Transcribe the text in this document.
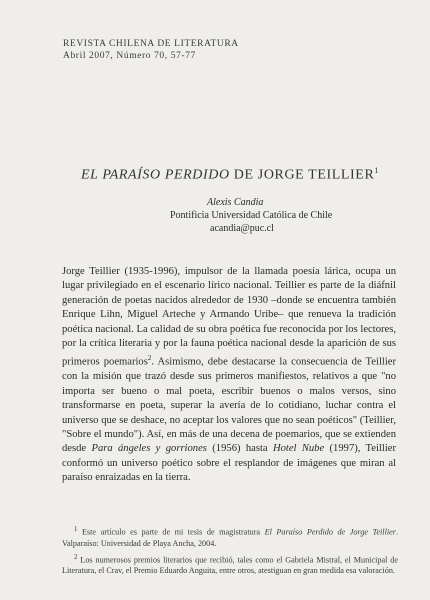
REVISTA CHILENA DE LITERATURA
Abril 2007, Número 70, 57-77
EL PARAÍSO PERDIDO DE JORGE TEILLIER$^1$
Alexis Candia
Pontificia Universidad Católica de Chile
acandia@puc.cl

Jorge Teillier (1935-1996), impulsor de la llamada poesía lárica, ocupa un lugar privilegiado en el escenario lírico nacional. Teillier es parte de la diáfnil generación de poetas nacidos alrededor de 1930 –donde se encuentra también Enrique Lihn, Miguel Arteche y Armando Uribe– que renueva la tradición poética nacional. La calidad de su obra poética fue reconocida por los lectores, por la crítica literaria y por la fauna poética nacional desde la aparición de sus primeros poemarios$^2$. Asimismo, debe destacarse la consecuencia de Teillier con la misión que trazó desde sus primeros manifiestos, relativos a que "no importa ser bueno o mal poeta, escribir buenos o malos versos, sino transformarse en poeta, superar la avería de lo cotidiano, luchar contra el universo que se deshace, no aceptar los valores que no sean poéticos" (Teillier, "Sobre el mundo"). Así, en más de una decena de poemarios, que se extienden desde Para ángeles y gorriones (1956) hasta Hotel Nube (1997), Teillier conformó un universo poético sobre el resplandor de imágenes que miran al paraíso enraizadas en la tierra.

$^1$ Este artículo es parte de mi tesis de magistratura El Paraíso Perdido de Jorge Teillier. Valparaíso: Universidad de Playa Ancha, 2004.

$^2$ Los numerosos premios literarios que recibió, tales como el Gabriela Mistral, el Municipal de Literatura, el Crav, el Premio Eduardo Anguita, entre otros, atestiguan en gran medida esa valoración.
